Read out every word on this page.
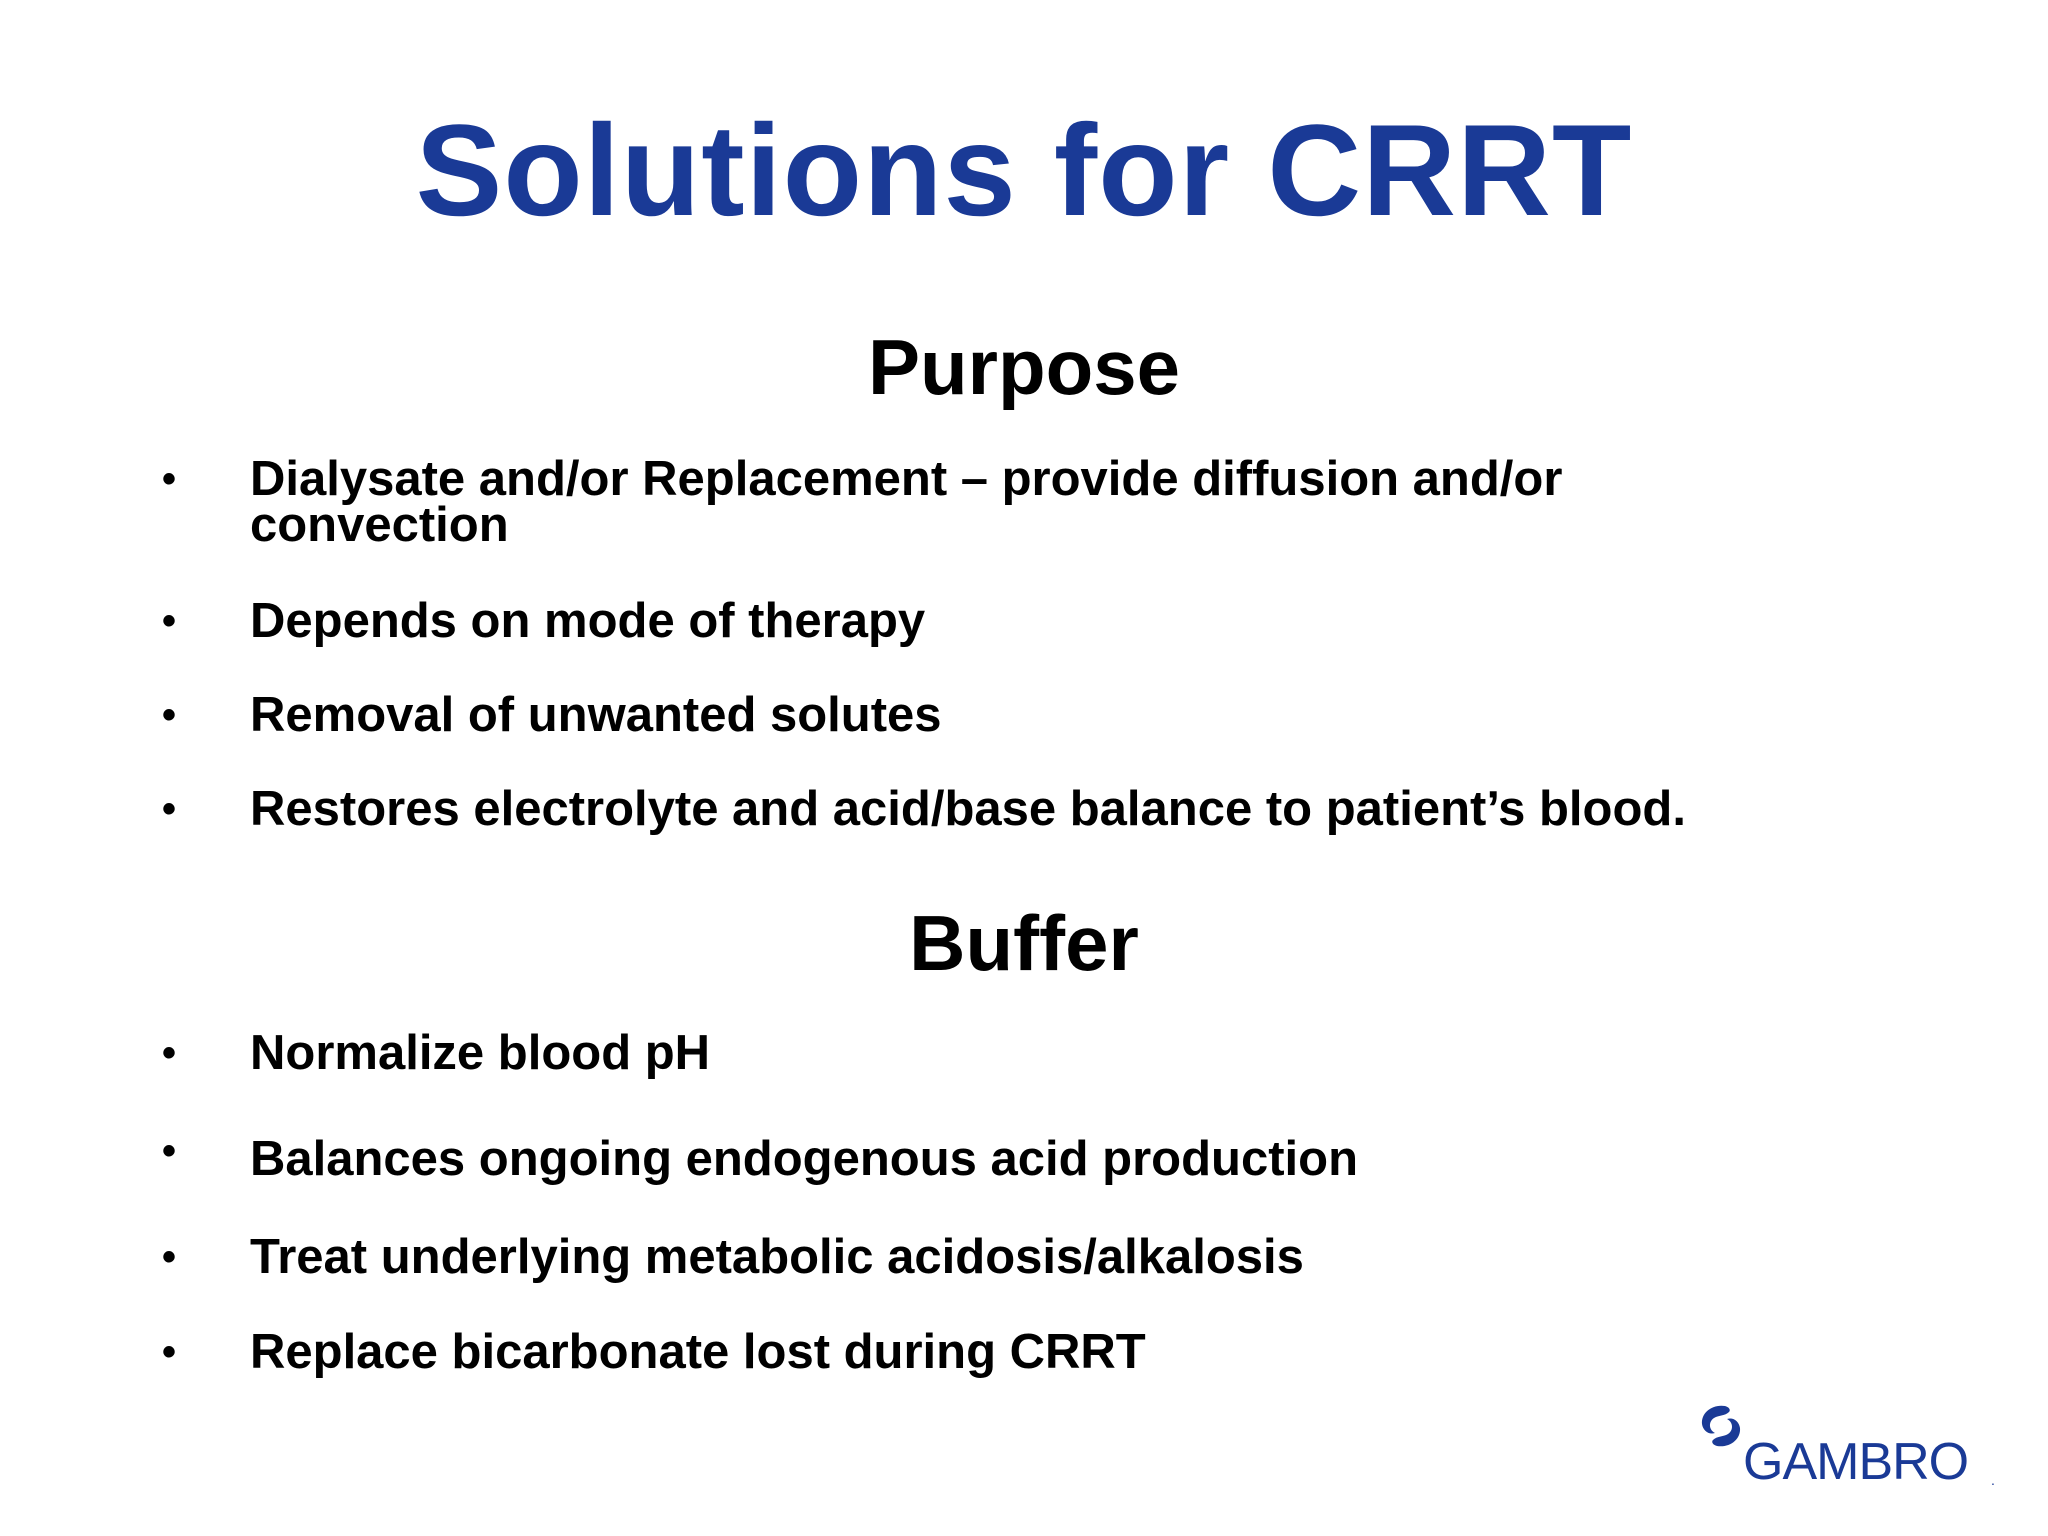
Solutions for CRRT
Purpose
• Dialysate and/or Replacement – provide diffusion and/or convection
• Depends on mode of therapy
• Removal of unwanted solutes
• Restores electrolyte and acid/base balance to patient’s blood.
Buffer
• Normalize blood pH
• Balances ongoing endogenous acid production
• Treat underlying metabolic acidosis/alkalosis
• Replace bicarbonate lost during CRRT
GAMBRO .
